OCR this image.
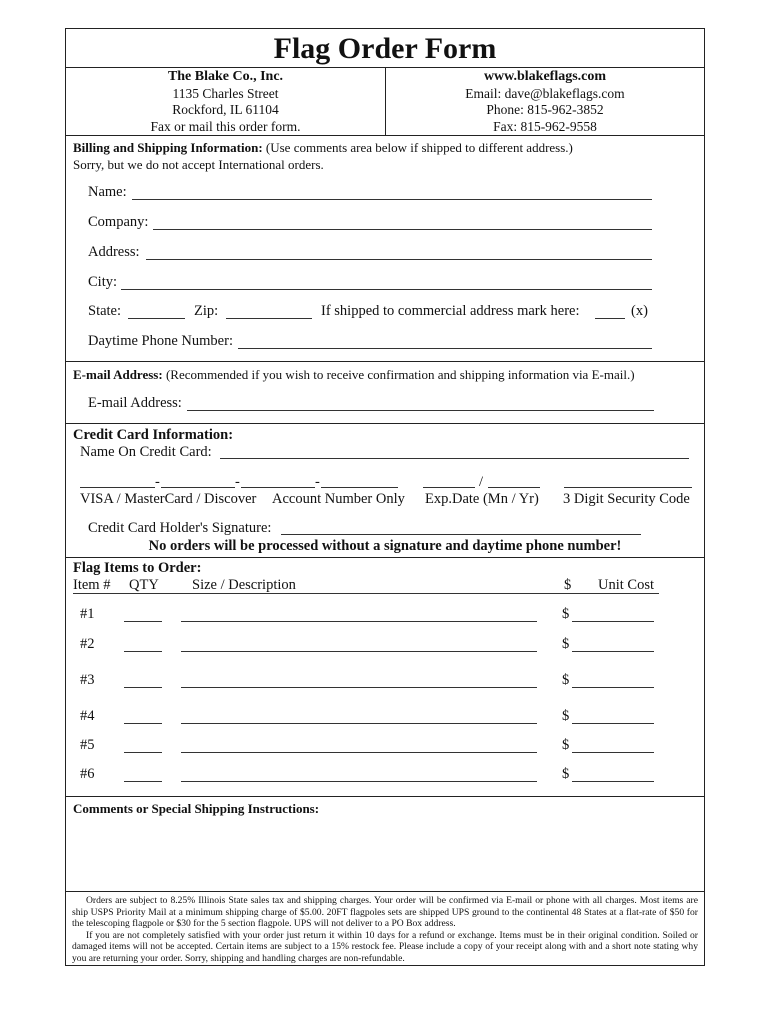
Flag Order Form
The Blake Co., Inc.
1135 Charles Street
Rockford, IL 61104
Fax or mail this order form.
www.blakeflags.com
Email: dave@blakeflags.com
Phone: 815-962-3852
Fax: 815-962-9558
Billing and Shipping Information: (Use comments area below if shipped to different address.)
Sorry, but we do not accept International orders.
Name:
Company:
Address:
City:
State:	Zip:	If shipped to commercial address mark here:	(x)
Daytime Phone Number:
E-mail Address: (Recommended if you wish to receive confirmation and shipping information via E-mail.)
E-mail Address:
Credit Card Information:
Name On Credit Card:
-	-	-	/
VISA / MasterCard / Discover Account Number Only Exp.Date (Mn / Yr) 3 Digit Security Code
Credit Card Holder's Signature:
No orders will be processed without a signature and daytime phone number!
Flag Items to Order:
Item # QTY Size / Description	$ Unit Cost
#1	$
#2	$
#3	$
#4	$
#5	$
#6	$
Comments or Special Shipping Instructions:

Orders are subject to 8.25% Illinois State sales tax and shipping charges. Your order will be confirmed via E-mail or phone with all charges. Most items are ship USPS Priority Mail at a minimum shipping charge of $5.00. 20FT flagpoles sets are shipped UPS ground to the continental 48 States at a flat-rate of $50 for the telescoping flagpole or $30 for the 5 section flagpole. UPS will not deliver to a PO Box address.

If you are not completely satisfied with your order just return it within 10 days for a refund or exchange. Items must be in their original condition. Soiled or damaged items will not be accepted. Certain items are subject to a 15% restock fee. Please include a copy of your receipt along with and a short note stating why you are returning your order. Sorry, shipping and handling charges are non-refundable.
